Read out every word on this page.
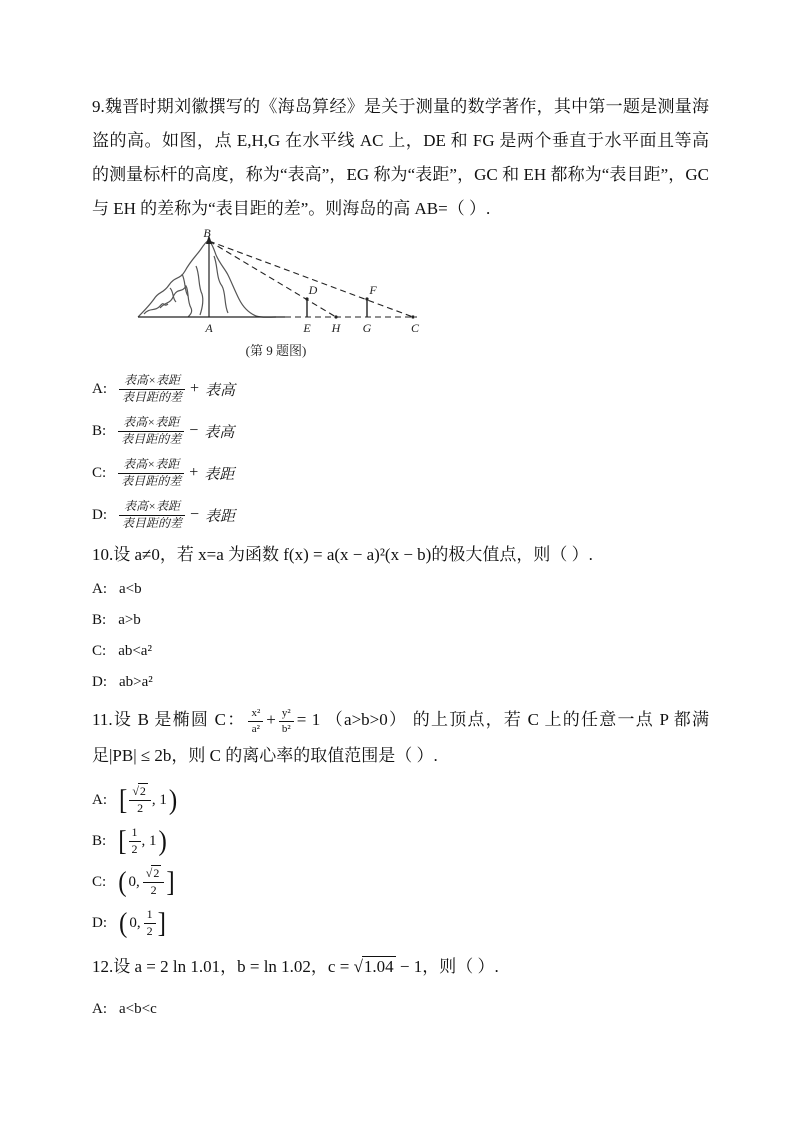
9.魏晋时期刘徽撰写的《海岛算经》是关于测量的数学著作，其中第一题是测量海盗的高。如图，点 E,H,G 在水平线 AC 上，DE 和 FG 是两个垂直于水平面且等高的测量标杆的高度，称为“表高”，EG 称为“表距”，GC 和 EH 都称为“表目距”，GC 与 EH 的差称为“表目距的差”。则海岛的高 AB=（ ）.

B
A
D
E H
F
G	C
(第 9 题图)
A: $\frac{\text{表高×表距}}{\text{表目距的差}}$ + 表高
B: $\frac{\text{表高×表距}}{\text{表目距的差}}$ − 表高
C: $\frac{\text{表高×表距}}{\text{表目距的差}}$ + 表距
D: $\frac{\text{表高×表距}}{\text{表目距的差}}$ − 表距

10.设 a≠0，若 x=a 为函数 f(x) = a(x − a)²(x − b)的极大值点，则（ ）.

A: a<b
B: a>b
C: ab<a²
D: ab>a²

11.设 B 是椭圆 C： $\frac{\text{x²}}{\text{a²}} + \frac{\text{y²}}{\text{b²}} = 1$ （a>b>0） 的上顶点，若 C 上的任意一点 P 都满足|PB| ≤ 2b，则 C 的离心率的取值范围是（ ）.

A: [ $\frac{√ 2}{2}$ , 1 )
B: [ $\frac{1}{2}$ , 1 )
C: ( 0, $\frac{√ 2}{2}$ ]
D: ( 0, $\frac{1}{2}$ ]

12.设 a = 2 ln 1.01，b = ln 1.02，c = √ 1.04 − 1，则（ ）.

A: a<b<c
